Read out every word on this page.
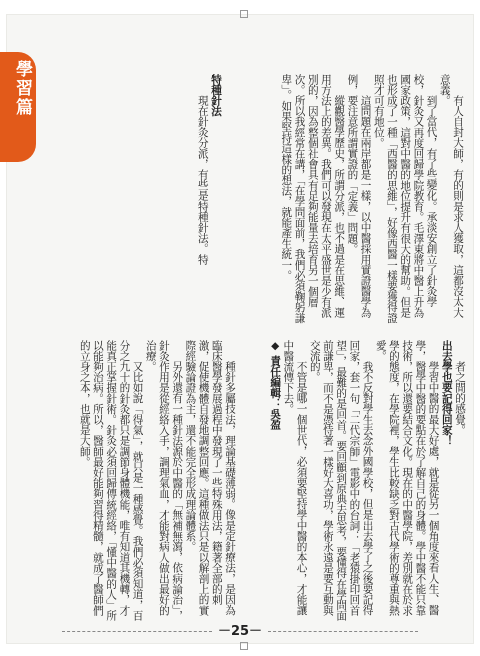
學習篇

有人自封大師，有的則是求人獲取，這都沒太大意義。

到了當代，有了些變化。承淡安創立了針灸學校，針灸又再度回歸學院教育。毛澤東將中醫上升為國家政策，這對中醫的地位提升有很大的幫助。但是也形成了一種「西醫的思維」，好像西醫一樣要獲得證照才可有地位。

這問題在兩岸都是一樣，以中醫採用實證醫學為例，要注意所謂實證的「定義」問題。

縱觀醫學歷史，所謂分派，也不過是在思維、運用方法上的差異。我們可以發現在太平盛世是少有派別的，因為整個社會具有足夠能量去培育另一個層次。所以我經常在講，「在學問面前，我們必須鞠躬謙卑」。如果堅持這樣的想法，就能產生統一。

特種針法

現在針灸分派，有些是特種針法。特

者之間的感覺。

出去學也要記得回家！

學習中醫的最大好處，就是從另一個角度來看人生、醫學，醫學中醫的要點在於了解自己的身體。學中醫不能只靠技術，所以還要結合文化。現在的中醫學院，差別就在於求學的態度，在學院裡，學生比較缺乏對古代學術的尊重與熱愛。

我不反對學生去念外國學校，但是出去學了之後要記得回家，套一句「二代宗師」電影中的台詞：「老猿掛印回首望」，最難的是回首。要回顧到原典去思考，要懂得在學問面前謙卑，而不是憑恃著一樣好大喜功，學術永遠是要互動與交流的。

不管是哪一個世代，必須要堅持學中醫的本心，才能讓中醫流傳下去。

◆ 責任編輯：吳盈

種針多屬技法，理論基礎薄弱。像是定針療法，是因為臨床醫學發展過程中發現了一些特殊用法，籍著全部的刺激，促使機體自發地調整回應。這種做法只是以解剖上的實際經驗論證為主，還不能完全形成理論體系。

另外還有一種針法源於中醫的「無補無瀉，依病論治」，針灸作用是從經絡入手，調理氣血，才能對病人做出最好的治療。

又比如說「得氣」，就只是一種感覺。我們必須知道，百分之九十的針灸都只是調節身體機能，唯有知道其機轉，才能真正掌握針術。針灸必須回歸傳統經絡，「懂中醫的人」所以能夠治病。所以，醫師最好能夠習得精髓，就成了醫師們的立身之本，也就是大師。

－25－
